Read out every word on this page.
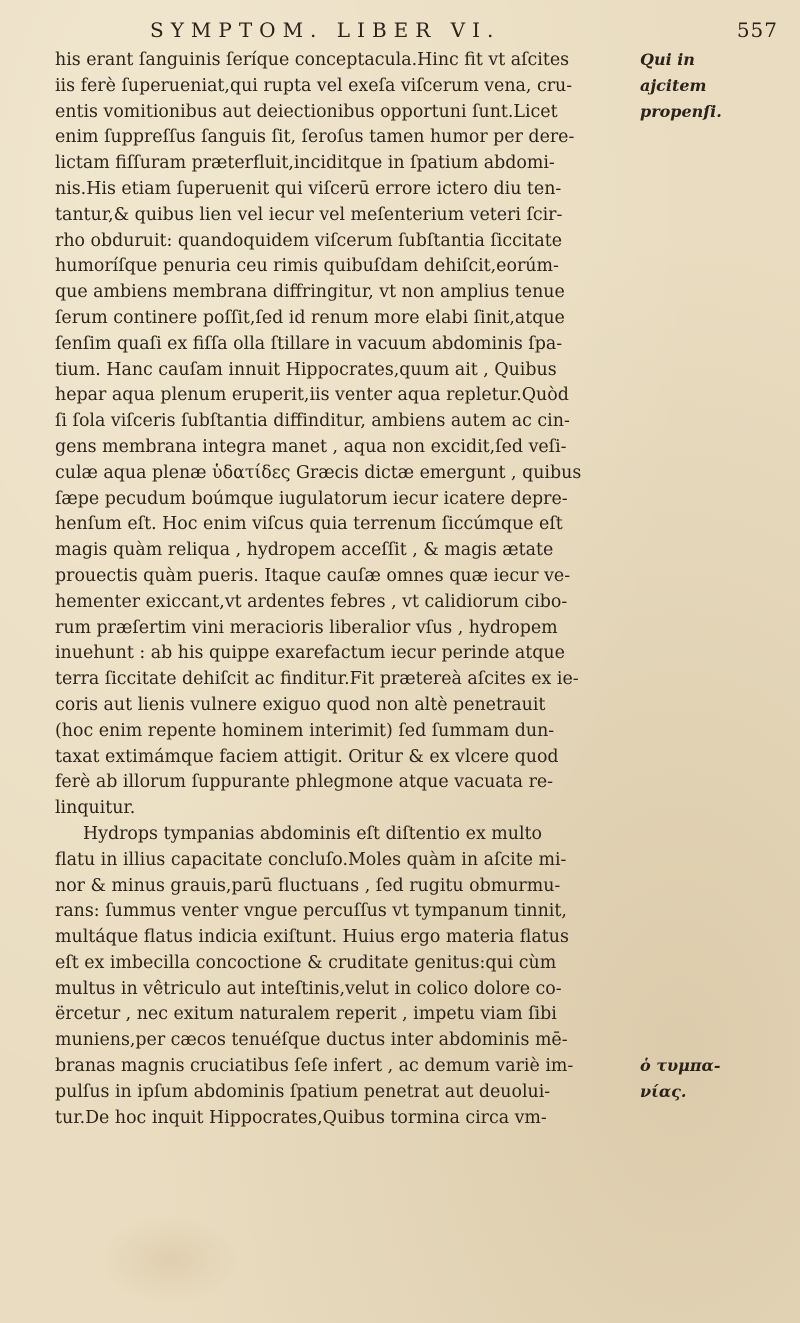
SYMPTOM. LIBER VI.	557
his erant ſanguinis ſeríque conceptacula.Hinc fit vt aſcites
iis ferè ſuperueniat,qui rupta vel exeſa viſcerum vena, cru-
entis vomitionibus aut deiectionibus opportuni ſunt.Licet
enim ſuppreſſus ſanguis ſit, ſeroſus tamen humor per dere-
lictam fiſſuram præterfluit,inciditque in ſpatium abdomi-
nis.His etiam ſuperuenit qui viſcerū errore ictero diu ten-
tantur,& quibus lien vel iecur vel meſenterium veteri ſcir-
rho obduruit: quandoquidem viſcerum ſubſtantia ſiccitate
humoríſque penuria ceu rimis quibuſdam dehiſcit,eorúm-
que ambiens membrana diffringitur, vt non amplius tenue
ſerum continere poſſit,ſed id renum more elabi ſinit,atque
ſenſim quaſi ex fiſſa olla ſtillare in vacuum abdominis ſpa-
tium. Hanc cauſam innuit Hippocrates,quum ait , Quibus
hepar aqua plenum eruperit,iis venter aqua repletur.Quòd
ſi ſola viſceris ſubſtantia diffinditur, ambiens autem ac cin-
gens membrana integra manet , aqua non excidit,ſed veſi-
culæ aqua plenæ ὑδατίδες Græcis dictæ emergunt , quibus
ſæpe pecudum boúmque iugulatorum iecur icatere depre-
henſum eſt. Hoc enim viſcus quia terrenum ſiccúmque eſt
magis quàm reliqua , hydropem acceſſit , & magis ætate
prouectis quàm pueris. Itaque cauſæ omnes quæ iecur ve-
hementer exiccant,vt ardentes febres , vt calidiorum cibo-
rum præſertim vini meracioris liberalior vſus , hydropem
inuehunt : ab his quippe exarefactum iecur perinde atque
terra ſiccitate dehiſcit ac finditur.Fit prætereà aſcites ex ie-
coris aut lienis vulnere exiguo quod non altè penetrauit
(hoc enim repente hominem interimit) ſed ſummam dun-
taxat extimámque faciem attigit. Oritur & ex vlcere quod
ferè ab illorum ſuppurante phlegmone atque vacuata re-
linquitur.
Hydrops tympanias abdominis eſt diſtentio ex multo
flatu in illius capacitate concluſo.Moles quàm in aſcite mi-
nor & minus grauis,parū fluctuans , ſed rugitu obmurmu-
rans: ſummus venter vngue percuſſus vt tympanum tinnit,
multáque flatus indicia exiſtunt. Huius ergo materia flatus
eſt ex imbecilla concoctione & cruditate genitus:qui cùm
multus in vêtriculo aut inteſtinis,velut in colico dolore co-
ërcetur , nec exitum naturalem reperit , impetu viam ſibi
muniens,per cæcos tenuéſque ductus inter abdominis mē-
branas magnis cruciatibus ſeſe infert , ac demum variè im-
pulſus in ipſum abdominis ſpatium penetrat aut deuolui-
tur.De hoc inquit Hippocrates,Quibus tormina circa vm-
Qui in
ajcitem
propenſi.
ὁ τυμπα-
νίας.
